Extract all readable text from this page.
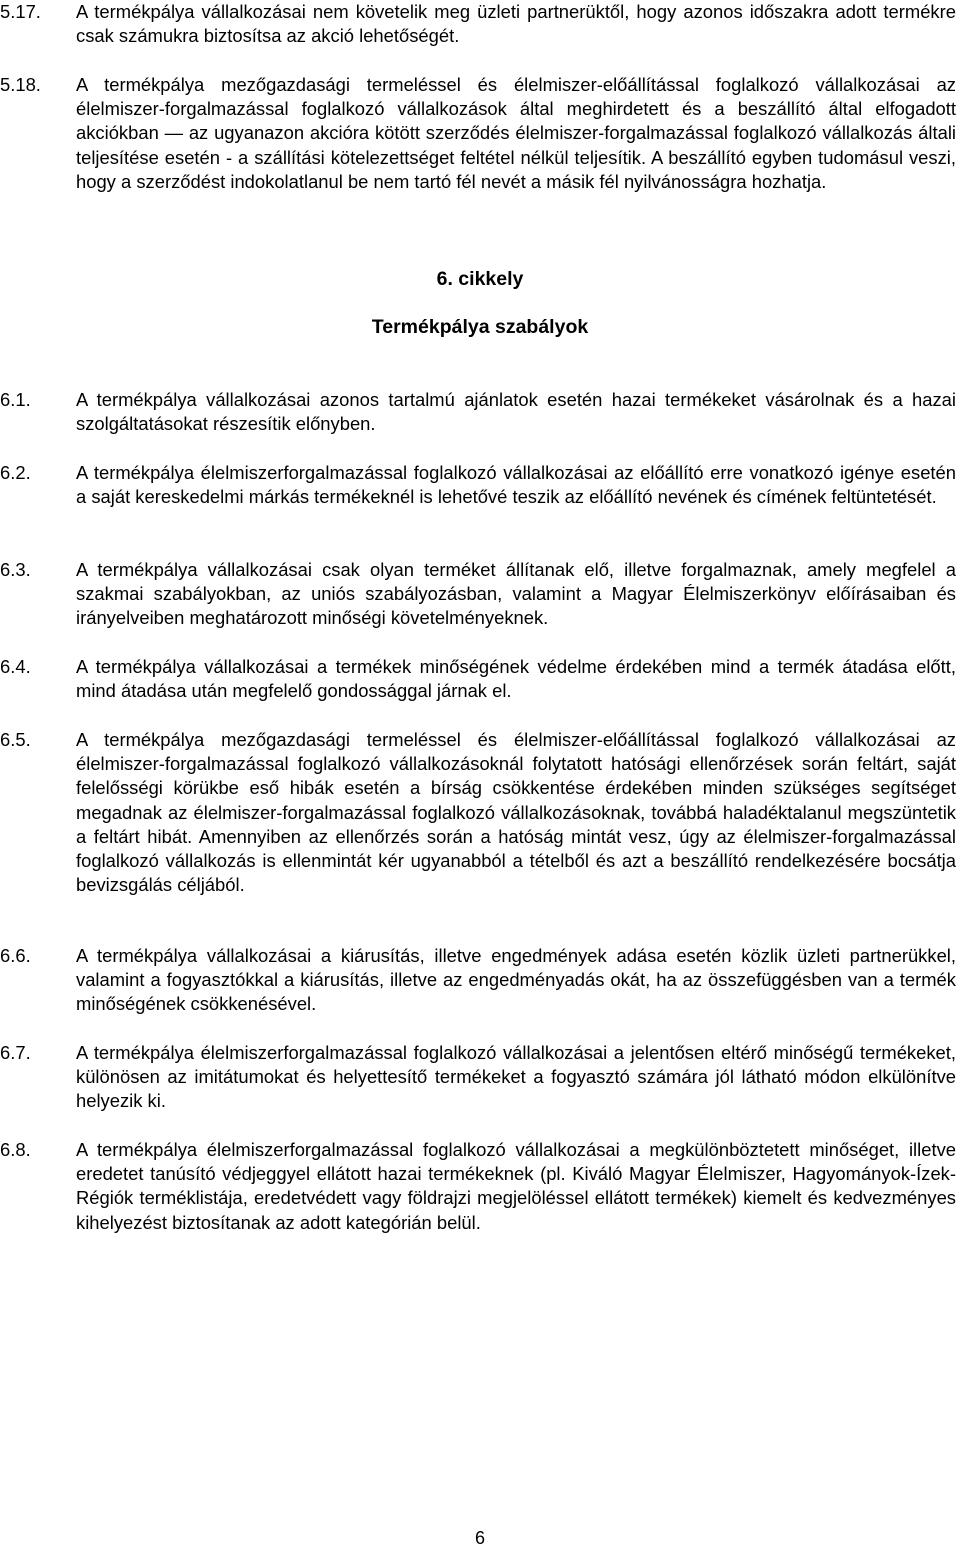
5.17.	A termékpálya vállalkozásai nem követelik meg üzleti partnerüktől, hogy azonos időszakra adott termékre csak számukra biztosítsa az akció lehetőségét.
5.18.	A termékpálya mezőgazdasági termeléssel és élelmiszer-előállítással foglalkozó vállalkozásai az élelmiszer-forgalmazással foglalkozó vállalkozások által meghirdetett és a beszállító által elfogadott akciókban — az ugyanazon akcióra kötött szerződés élelmiszer-forgalmazással foglalkozó vállalkozás általi teljesítése esetén - a szállítási kötelezettséget feltétel nélkül teljesítik. A beszállító egyben tudomásul veszi, hogy a szerződést indokolatlanul be nem tartó fél nevét a másik fél nyilvánosságra hozhatja.
6. cikkely
Termékpálya szabályok
6.1.	A termékpálya vállalkozásai azonos tartalmú ajánlatok esetén hazai termékeket vásárolnak és a hazai szolgáltatásokat részesítik előnyben.
6.2.	A termékpálya élelmiszerforgalmazással foglalkozó vállalkozásai az előállító erre vonatkozó igénye esetén a saját kereskedelmi márkás termékeknél is lehetővé teszik az előállító nevének és címének feltüntetését.
6.3.	A termékpálya vállalkozásai csak olyan terméket állítanak elő, illetve forgalmaznak, amely megfelel a szakmai szabályokban, az uniós szabályozásban, valamint a Magyar Élelmiszerkönyv előírásaiban és irányelveiben meghatározott minőségi követelményeknek.
6.4.	A termékpálya vállalkozásai a termékek minőségének védelme érdekében mind a termék átadása előtt, mind átadása után megfelelő gondossággal járnak el.
6.5.	A termékpálya mezőgazdasági termeléssel és élelmiszer-előállítással foglalkozó vállalkozásai az élelmiszer-forgalmazással foglalkozó vállalkozásoknál folytatott hatósági ellenőrzések során feltárt, saját felelősségi körükbe eső hibák esetén a bírság csökkentése érdekében minden szükséges segítséget megadnak az élelmiszer-forgalmazással foglalkozó vállalkozásoknak, továbbá haladéktalanul megszüntetik a feltárt hibát. Amennyiben az ellenőrzés során a hatóság mintát vesz, úgy az élelmiszer-forgalmazással foglalkozó vállalkozás is ellenmintát kér ugyanabból a tételből és azt a beszállító rendelkezésére bocsátja bevizsgálás céljából.
6.6.	A termékpálya vállalkozásai a kiárusítás, illetve engedmények adása esetén közlik üzleti partnerükkel, valamint a fogyasztókkal a kiárusítás, illetve az engedményadás okát, ha az összefüggésben van a termék minőségének csökkenésével.
6.7.	A termékpálya élelmiszerforgalmazással foglalkozó vállalkozásai a jelentősen eltérő minőségű termékeket, különösen az imitátumokat és helyettesítő termékeket a fogyasztó számára jól látható módon elkülönítve helyezik ki.
6.8.	A termékpálya élelmiszerforgalmazással foglalkozó vállalkozásai a megkülönböztetett minőséget, illetve eredetet tanúsító védjeggyel ellátott hazai termékeknek (pl. Kiváló Magyar Élelmiszer, Hagyományok-Ízek-Régiók terméklistája, eredetvédett vagy földrajzi megjelöléssel ellátott termékek) kiemelt és kedvezményes kihelyezést biztosítanak az adott kategórián belül.
6
